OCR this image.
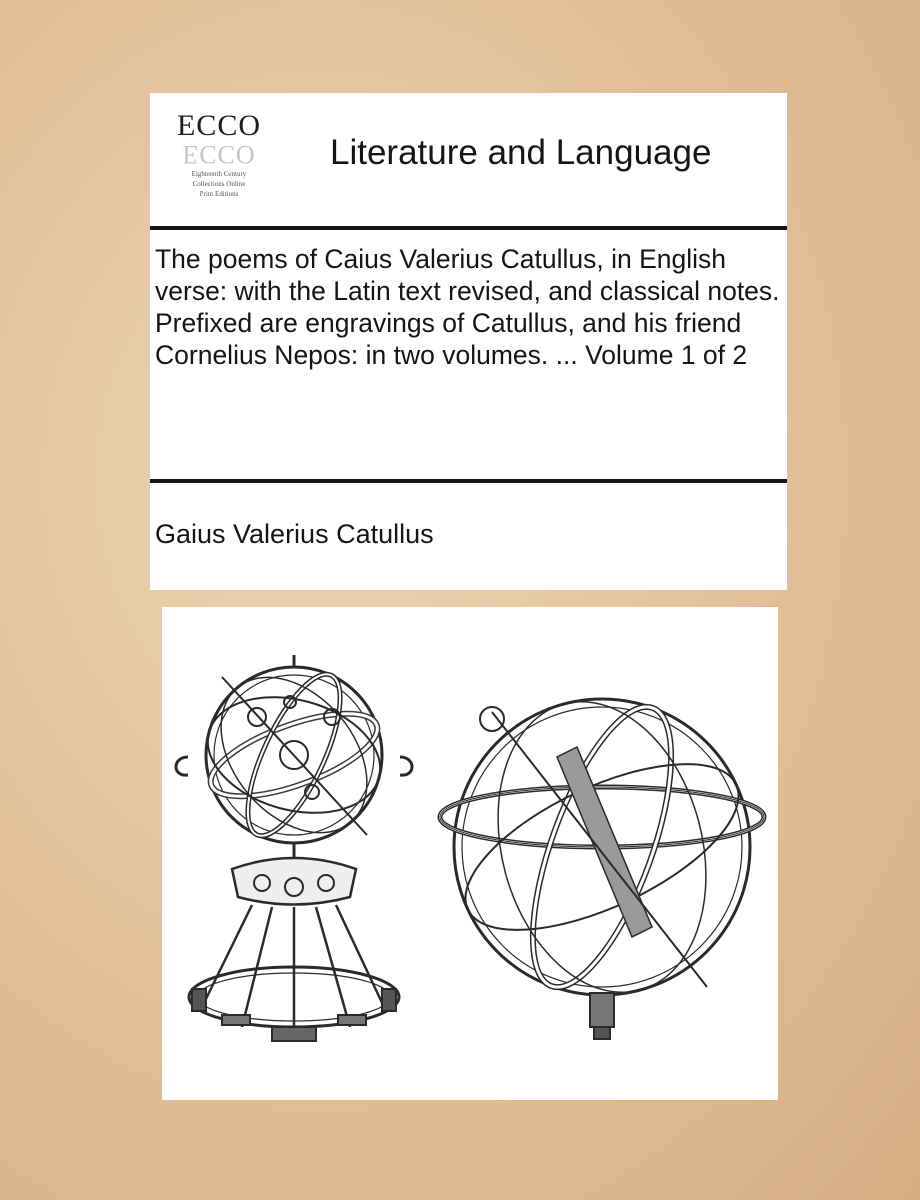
ECCO
ECCO
Eighteenth Century
Collections Online
Print Editions
Literature and Language
The poems of Caius Valerius Catullus, in English verse: with the Latin text revised, and classical notes. Prefixed are engravings of Catullus, and his friend Cornelius Nepos: in two volumes. ... Volume 1 of 2
Gaius Valerius Catullus
